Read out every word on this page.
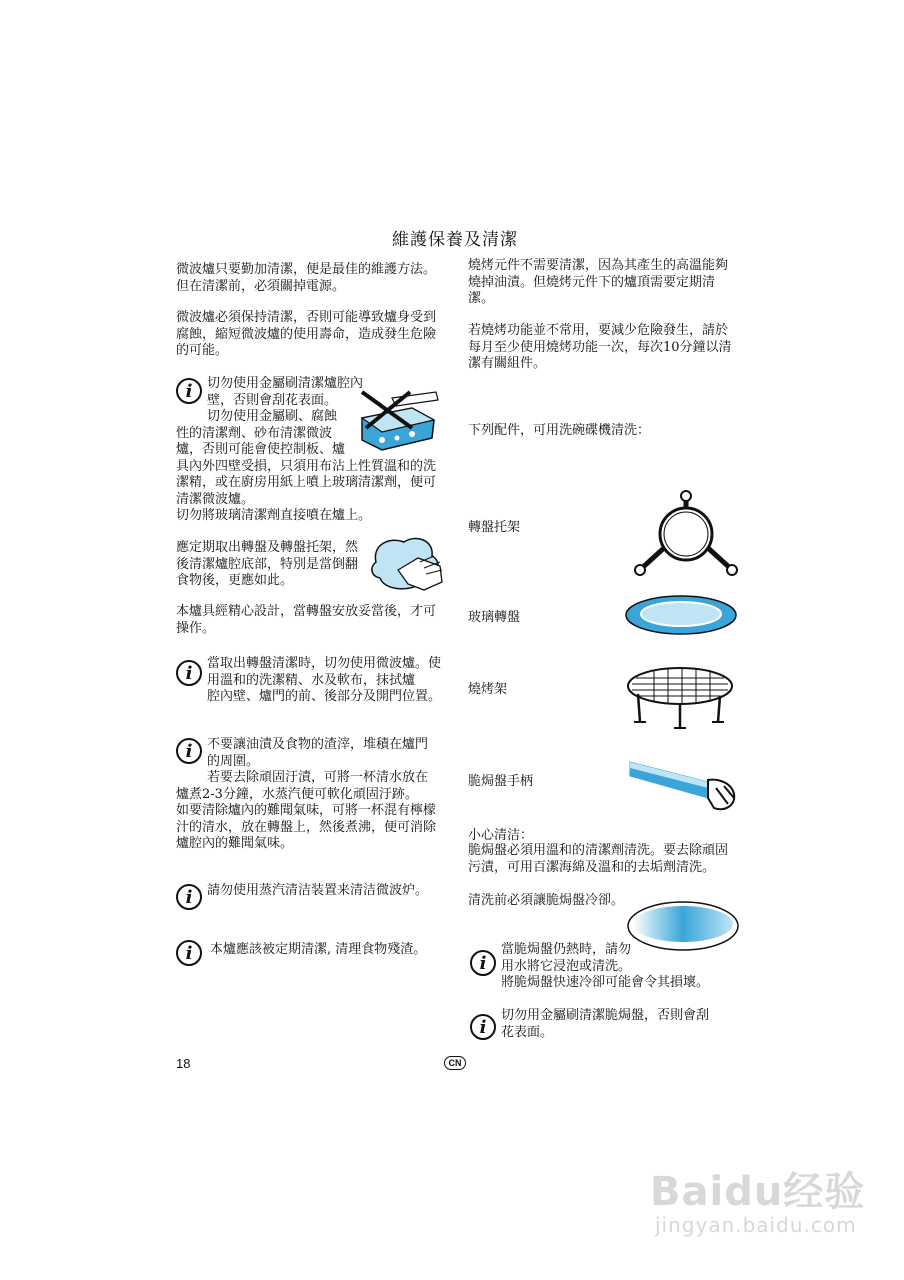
維護保養及清潔
微波爐只要勤加清潔，便是最佳的維護方法。
但在清潔前，必須關掉電源。
微波爐必須保持清潔，否則可能導致爐身受到
腐蝕，縮短微波爐的使用壽命，造成發生危險
的可能。
i	切勿使用金屬刷清潔爐腔內
壁，否則會刮花表面。
切勿使用金屬刷、腐蝕
性的清潔劑、砂布清潔微波
爐，否則可能會使控制板、爐
具內外四壁受損，只須用布沾上性質溫和的洗
潔精，或在廚房用紙上噴上玻璃清潔劑，便可
清潔微波爐。
切勿將玻璃清潔劑直接噴在爐上。
應定期取出轉盤及轉盤托架，然
後清潔爐腔底部，特別是當倒翻
食物後，更應如此。
本爐具經精心設計，當轉盤安放妥當後，才可
操作。
i	當取出轉盤清潔時，切勿使用微波爐。使
用溫和的洗潔精、水及軟布，抹拭爐
腔內壁、爐門的前、後部分及開門位置。
i	不要讓油漬及食物的渣滓，堆積在爐門
的周圍。
若要去除頑固汙漬，可將一杯清水放在
爐煮2-3分鐘，水蒸汽便可軟化頑固汙跡。
如要清除爐內的難聞氣味，可將一杯混有檸檬
汁的清水，放在轉盤上，然後煮沸，便可消除
爐腔內的難聞氣味。
i	請勿使用蒸汽清洁装置来清洁微波炉。
i	本爐應該被定期清潔, 清理食物殘渣。
燒烤元件不需要清潔，因為其產生的高溫能夠
燒掉油漬。但燒烤元件下的爐頂需要定期清
潔。
若燒烤功能並不常用，要減少危險發生，請於
每月至少使用燒烤功能一次，每次10分鐘以清
潔有關組件。
下列配件，可用洗碗碟機清洗：
轉盤托架
玻璃轉盤
燒烤架
脆焗盤手柄
小心清洁：
脆焗盤必須用溫和的清潔劑清洗。要去除頑固
污漬，可用百潔海綿及溫和的去垢劑清洗。
清洗前必須讓脆焗盤冷卻。
i
當脆焗盤仍熱時，請勿
用水將它浸泡或清洗。
將脆焗盤快速冷卻可能會令其損壞。
i
切勿用金屬刷清潔脆焗盤，否則會刮
花表面。
18	CN
Baidu经验
jingyan.baidu.com
